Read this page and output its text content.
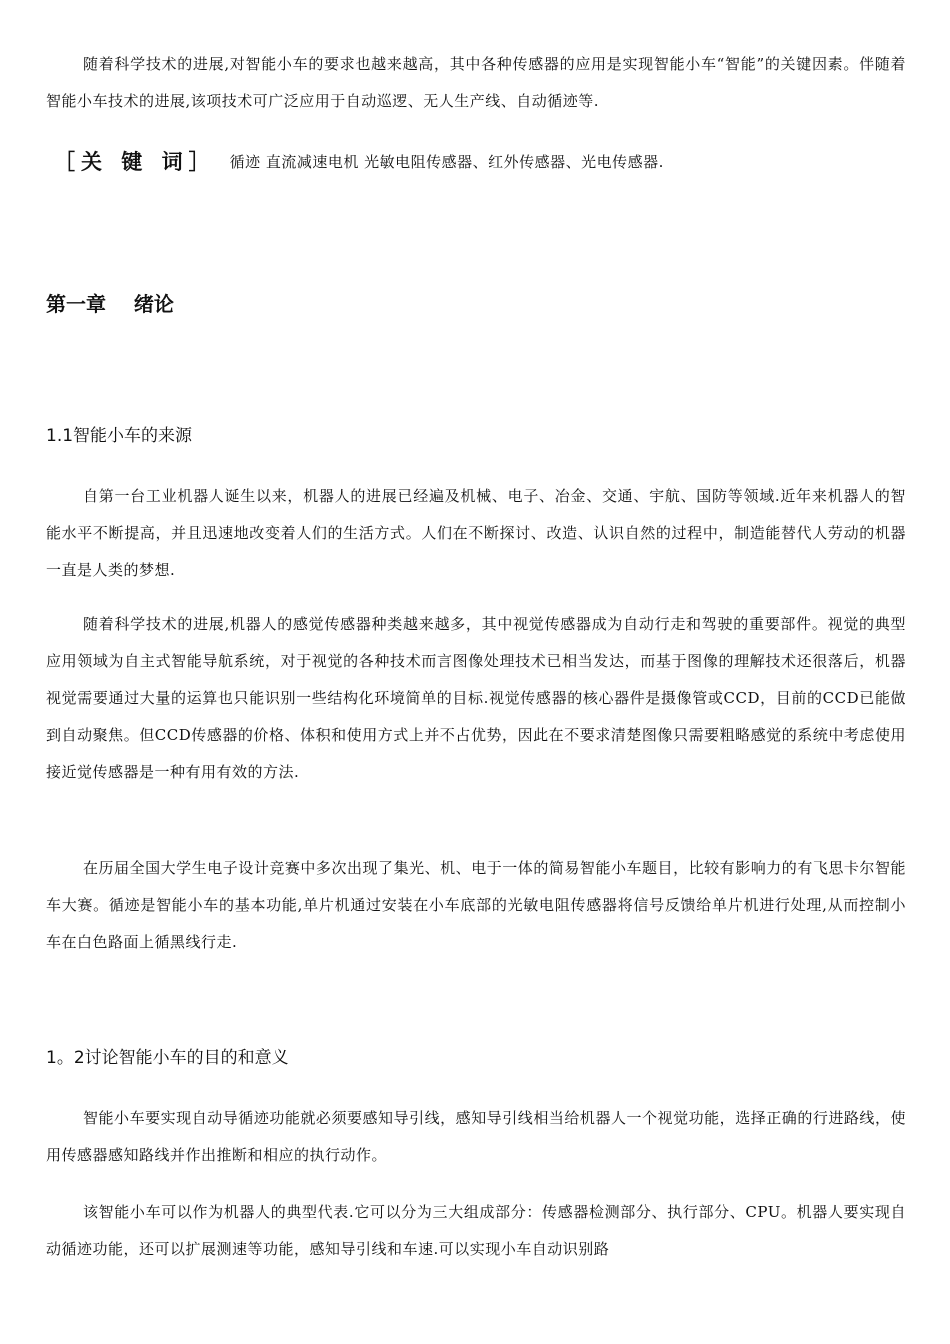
随着科学技术的进展,对智能小车的要求也越来越高，其中各种传感器的应用是实现智能小车“智能”的关键因素。伴随着智能小车技术的进展,该项技术可广泛应用于自动巡逻、无人生产线、自动循迹等.

［关 键 词］ 循迹 直流减速电机 光敏电阻传感器、红外传感器、光电传感器.
第一章    绪论
1.1智能小车的来源

自第一台工业机器人诞生以来，机器人的进展已经遍及机械、电子、冶金、交通、宇航、国防等领域.近年来机器人的智能水平不断提高，并且迅速地改变着人们的生活方式。人们在不断探讨、改造、认识自然的过程中，制造能替代人劳动的机器一直是人类的梦想.

随着科学技术的进展,机器人的感觉传感器种类越来越多，其中视觉传感器成为自动行走和驾驶的重要部件。视觉的典型应用领域为自主式智能导航系统，对于视觉的各种技术而言图像处理技术已相当发达，而基于图像的理解技术还很落后，机器视觉需要通过大量的运算也只能识别一些结构化环境简单的目标.视觉传感器的核心器件是摄像管或CCD，目前的CCD已能做到自动聚焦。但CCD传感器的价格、体积和使用方式上并不占优势，因此在不要求清楚图像只需要粗略感觉的系统中考虑使用接近觉传感器是一种有用有效的方法.

在历届全国大学生电子设计竞赛中多次出现了集光、机、电于一体的简易智能小车题目，比较有影响力的有飞思卡尔智能车大赛。循迹是智能小车的基本功能,单片机通过安装在小车底部的光敏电阻传感器将信号反馈给单片机进行处理,从而控制小车在白色路面上循黑线行走.

1。2讨论智能小车的目的和意义

智能小车要实现自动导循迹功能就必须要感知导引线，感知导引线相当给机器人一个视觉功能，选择正确的行进路线，使用传感器感知路线并作出推断和相应的执行动作。

该智能小车可以作为机器人的典型代表.它可以分为三大组成部分：传感器检测部分、执行部分、CPU。机器人要实现自动循迹功能，还可以扩展测速等功能，感知导引线和车速.可以实现小车自动识别路
